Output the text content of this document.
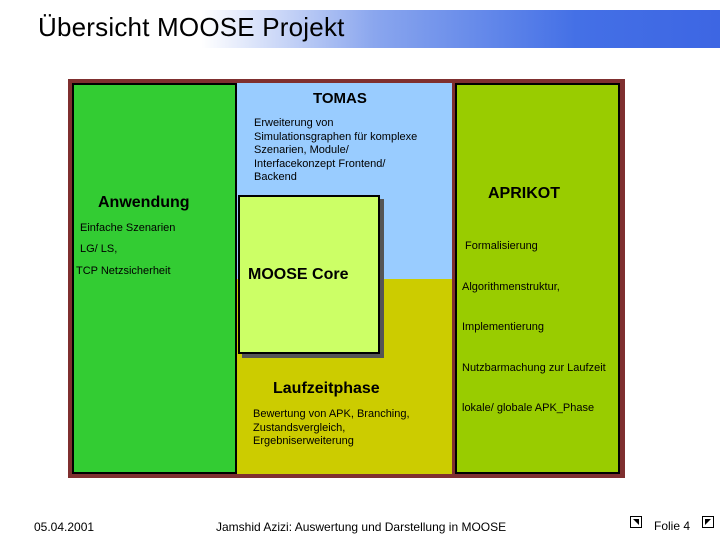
Übersicht MOOSE Projekt
TOMAS
Erweiterung von
Simulationsgraphen für komplexe
Szenarien, Module/
Interfacekonzept Frontend/
Backend
Anwendung
Einfache Szenarien
LG/ LS,
TCP Netzsicherheit
APRIKOT

Formalisierung

Algorithmenstruktur,

Implementierung

Nutzbarmachung zur Laufzeit

lokale/ globale APK_Phase

MOOSE Core
Laufzeitphase
Bewertung von APK, Branching,
Zustandsvergleich,
Ergebniserweiterung
05.04.2001	Jamshid Azizi: Auswertung und Darstellung in MOOSE	Folie 4
